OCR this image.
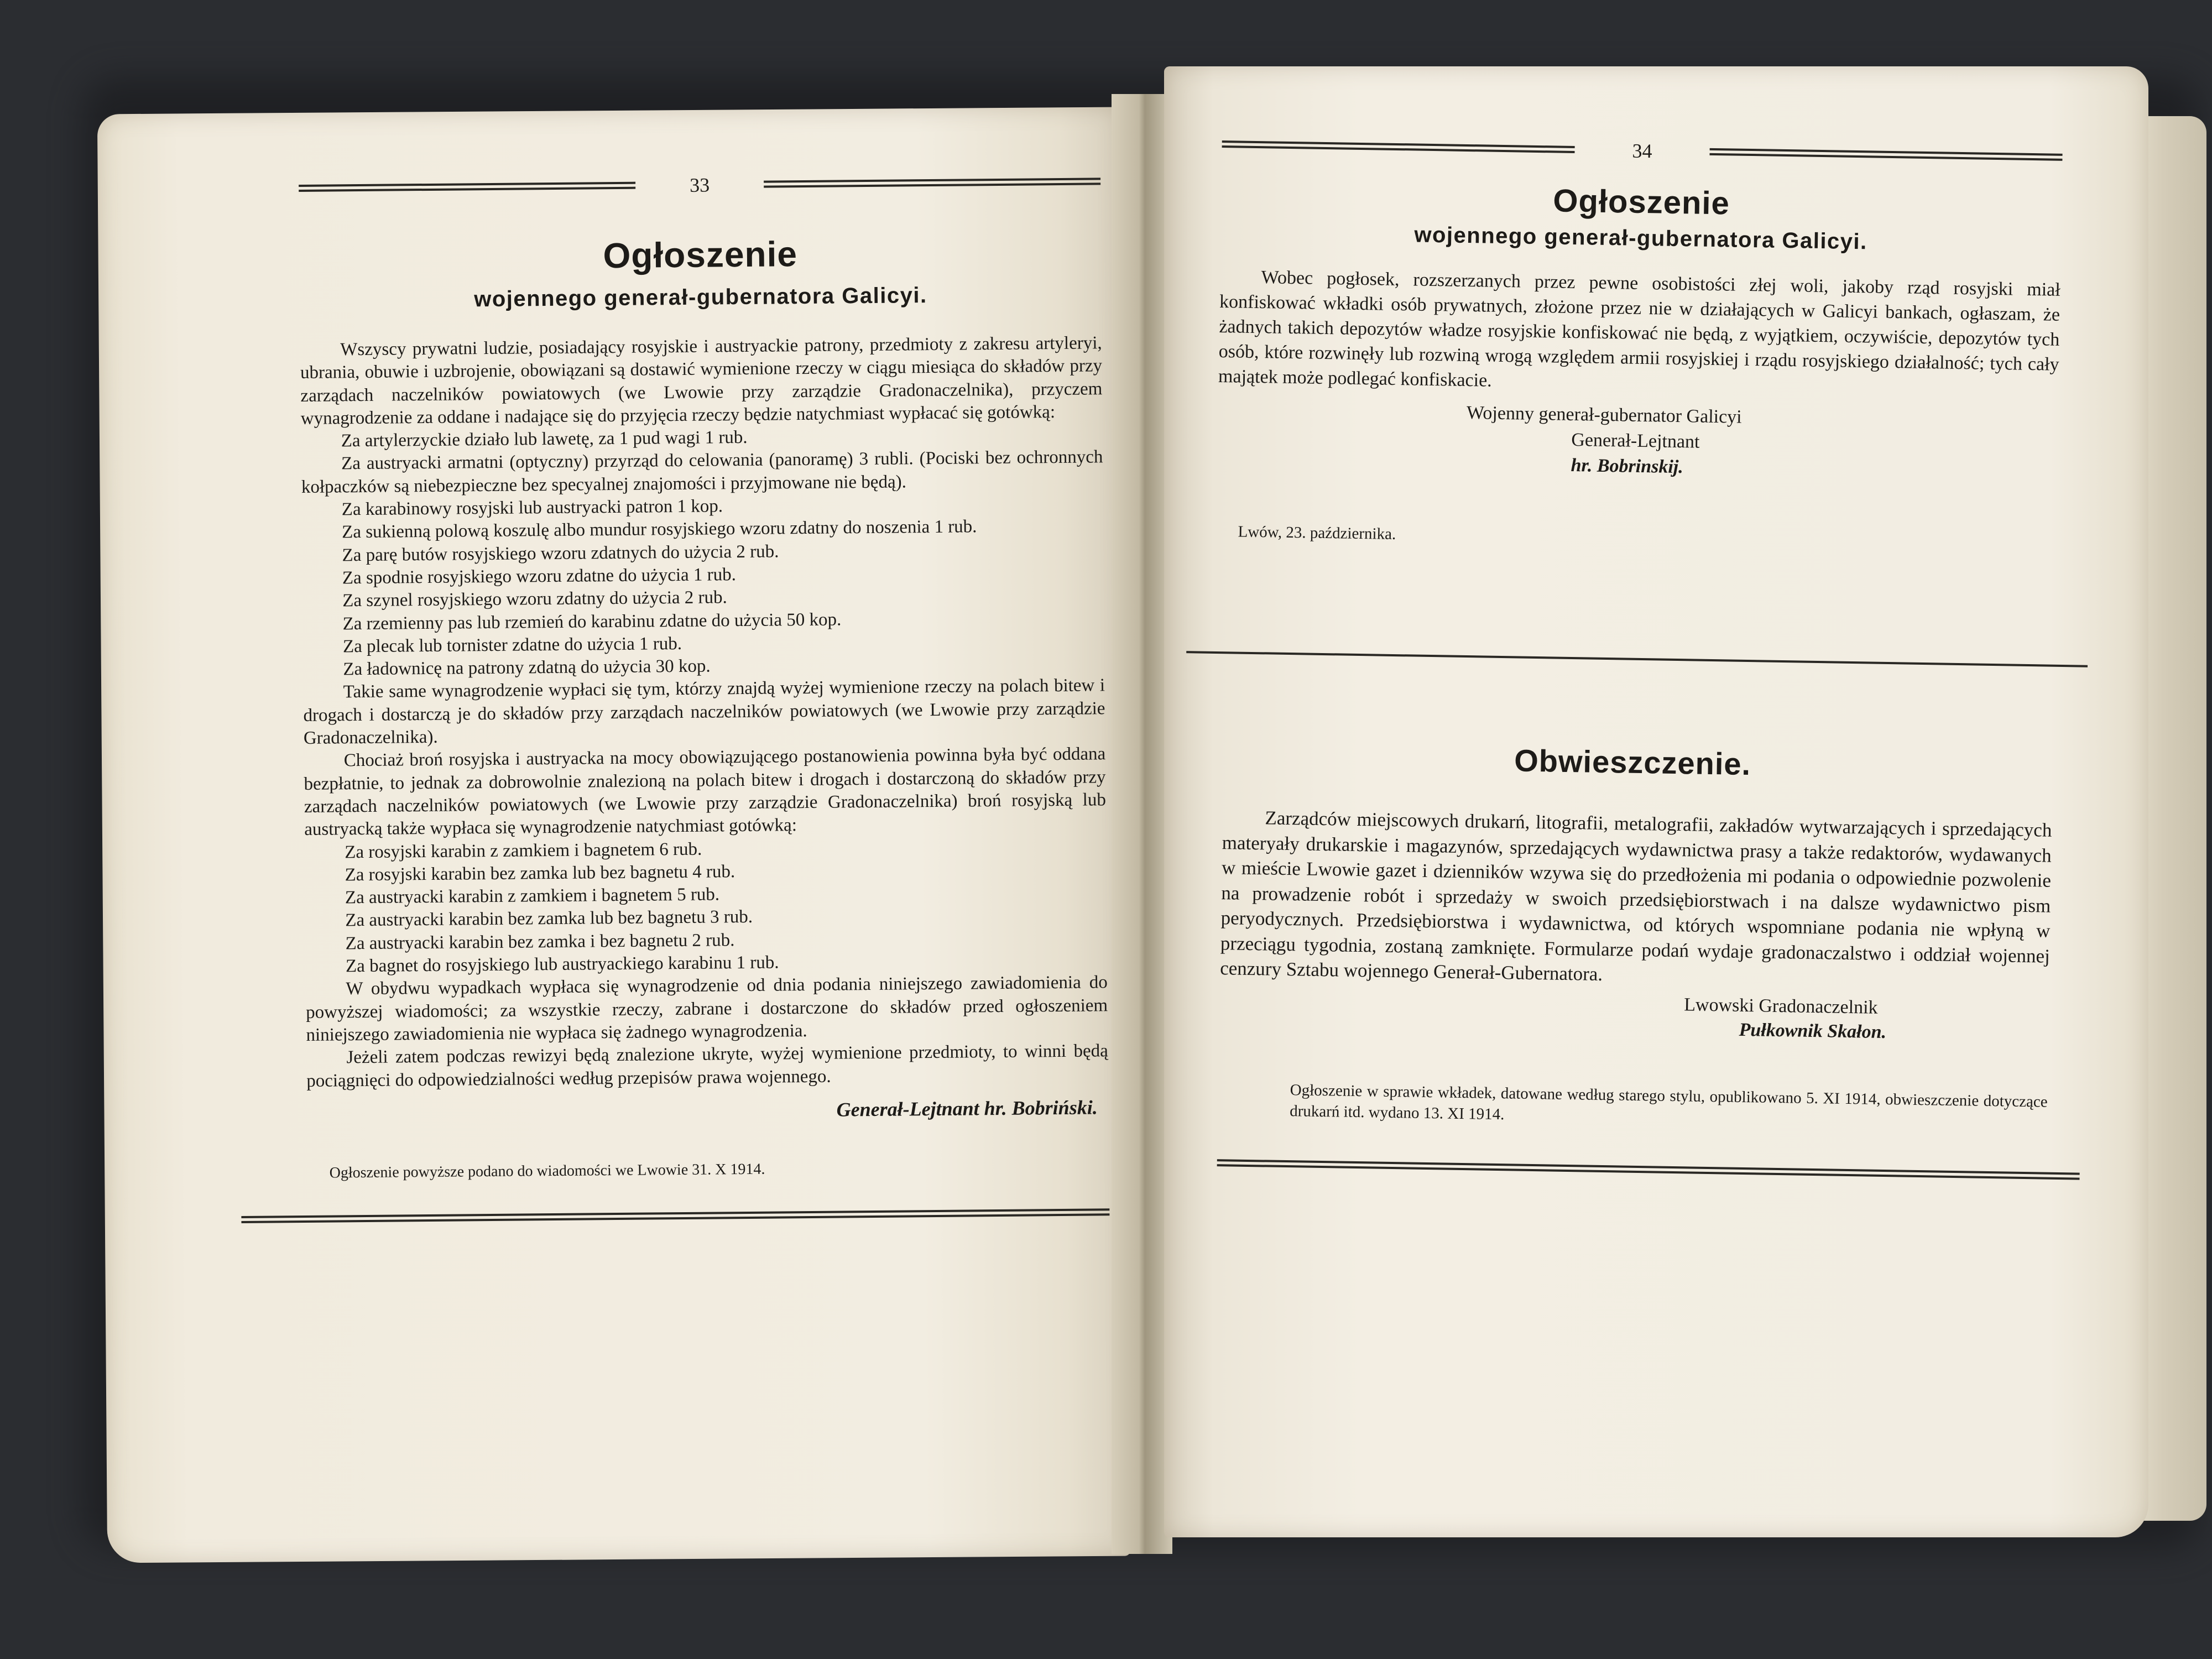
33
Ogłoszenie
wojennego generał-gubernatora Galicyi.

Wszyscy prywatni ludzie, posiadający rosyjskie i austryackie patrony, przedmioty z zakresu artyleryi, ubrania, obuwie i uzbrojenie, obowiązani są dostawić wymienione rzeczy w ciągu miesiąca do składów przy zarządach naczelników powiatowych (we Lwowie przy zarządzie Gradonaczelnika), przyczem wynagrodzenie za oddane i nadające się do przyjęcia rzeczy będzie natychmiast wypłacać się gotówką:

Za artylerzyckie działo lub lawetę, za 1 pud wagi 1 rub.

Za austryacki armatni (optyczny) przyrząd do celowania (panoramę) 3 rubli. (Pociski bez ochronnych kołpaczków są niebezpieczne bez specyalnej znajomości i przyjmowane nie będą).

Za karabinowy rosyjski lub austryacki patron 1 kop.

Za sukienną polową koszulę albo mundur rosyjskiego wzoru zdatny do noszenia 1 rub.

Za parę butów rosyjskiego wzoru zdatnych do użycia 2 rub.

Za spodnie rosyjskiego wzoru zdatne do użycia 1 rub.

Za szynel rosyjskiego wzoru zdatny do użycia 2 rub.

Za rzemienny pas lub rzemień do karabinu zdatne do użycia 50 kop.

Za plecak lub tornister zdatne do użycia 1 rub.

Za ładownicę na patrony zdatną do użycia 30 kop.

Takie same wynagrodzenie wypłaci się tym, którzy znajdą wyżej wymienione rzeczy na polach bitew i drogach i dostarczą je do składów przy zarządach naczelników powiatowych (we Lwowie przy zarządzie Gradonaczelnika).

Chociaż broń rosyjska i austryacka na mocy obowiązującego postanowienia powinna była być oddana bezpłatnie, to jednak za dobrowolnie znalezioną na polach bitew i drogach i dostarczoną do składów przy zarządach naczelników powiatowych (we Lwowie przy zarządzie Gradonaczelnika) broń rosyjską lub austryacką także wypłaca się wynagrodzenie natychmiast gotówką:

Za rosyjski karabin z zamkiem i bagnetem 6 rub.

Za rosyjski karabin bez zamka lub bez bagnetu 4 rub.

Za austryacki karabin z zamkiem i bagnetem 5 rub.

Za austryacki karabin bez zamka lub bez bagnetu 3 rub.

Za austryacki karabin bez zamka i bez bagnetu 2 rub.

Za bagnet do rosyjskiego lub austryackiego karabinu 1 rub.

W obydwu wypadkach wypłaca się wynagrodzenie od dnia podania niniejszego zawiadomienia do powyższej wiadomości; za wszystkie rzeczy, zabrane i dostarczone do składów przed ogłoszeniem niniejszego zawiadomienia nie wypłaca się żadnego wynagrodzenia.

Jeżeli zatem podczas rewizyi będą znalezione ukryte, wyżej wymienione przedmioty, to winni będą pociągnięci do odpowiedzialności według przepisów prawa wojennego.

Generał-Lejtnant hr. Bobriński.
Ogłoszenie powyższe podano do wiadomości we Lwowie 31. X 1914.
34
Ogłoszenie
wojennego generał-gubernatora Galicyi.

Wobec pogłosek, rozszerzanych przez pewne osobistości złej woli, jakoby rząd rosyjski miał konfiskować wkładki osób prywatnych, złożone przez nie w działających w Galicyi bankach, ogłaszam, że żadnych takich depozytów władze rosyjskie konfiskować nie będą, z wyjątkiem, oczywiście, depozytów tych osób, które rozwinęły lub rozwiną wrogą względem armii rosyjskiej i rządu rosyjskiego działalność; tych cały majątek może podlegać konfiskacie.

Wojenny generał-gubernator Galicyi
Generał-Lejtnant
hr. Bobrinskij.
Lwów, 23. października.
Obwieszczenie.

Zarządców miejscowych drukarń, litografii, metalografii, zakładów wytwarzających i sprzedających materyały drukarskie i magazynów, sprzedających wydawnictwa prasy a także redaktorów, wydawanych w mieście Lwowie gazet i dzienników wzywa się do przedłożenia mi podania o odpowiednie pozwolenie na prowadzenie robót i sprzedaży w swoich przedsiębiorstwach i na dalsze wydawnictwo pism peryodycznych. Przedsiębiorstwa i wydawnictwa, od których wspomniane podania nie wpłyną w przeciągu tygodnia, zostaną zamknięte. Formularze podań wydaje gradonaczalstwo i oddział wojennej cenzury Sztabu wojennego Generał-Gubernatora.

Lwowski Gradonaczelnik
Pułkownik Skałon.
Ogłoszenie w sprawie wkładek, datowane według starego stylu, opublikowano 5. XI 1914, obwieszczenie dotyczące drukarń itd. wydano 13. XI 1914.
